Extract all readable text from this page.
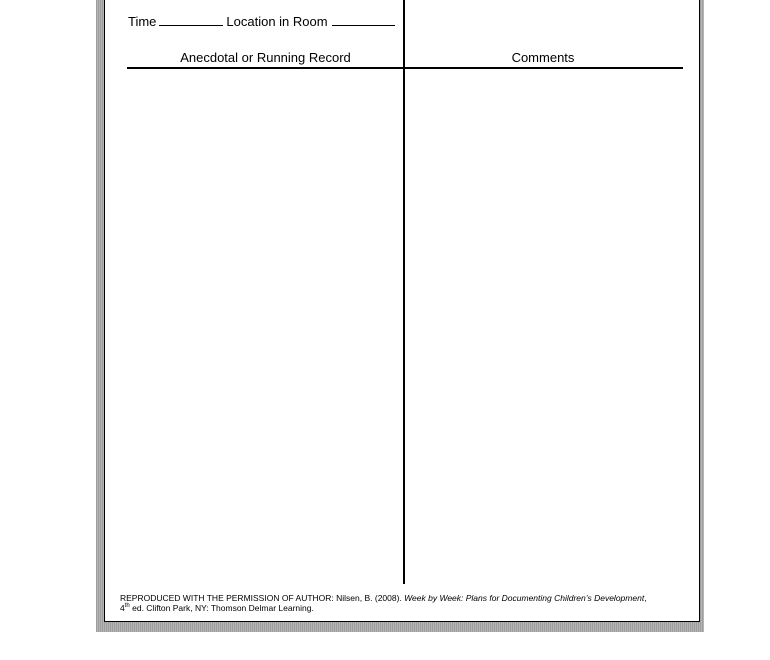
Time	Location in Room
Anecdotal or Running Record	Comments
REPRODUCED WITH THE PERMISSION OF AUTHOR: Nilsen, B. (2008). Week by Week: Plans for Documenting Children’s Development,
4th ed. Clifton Park, NY: Thomson Delmar Learning.
